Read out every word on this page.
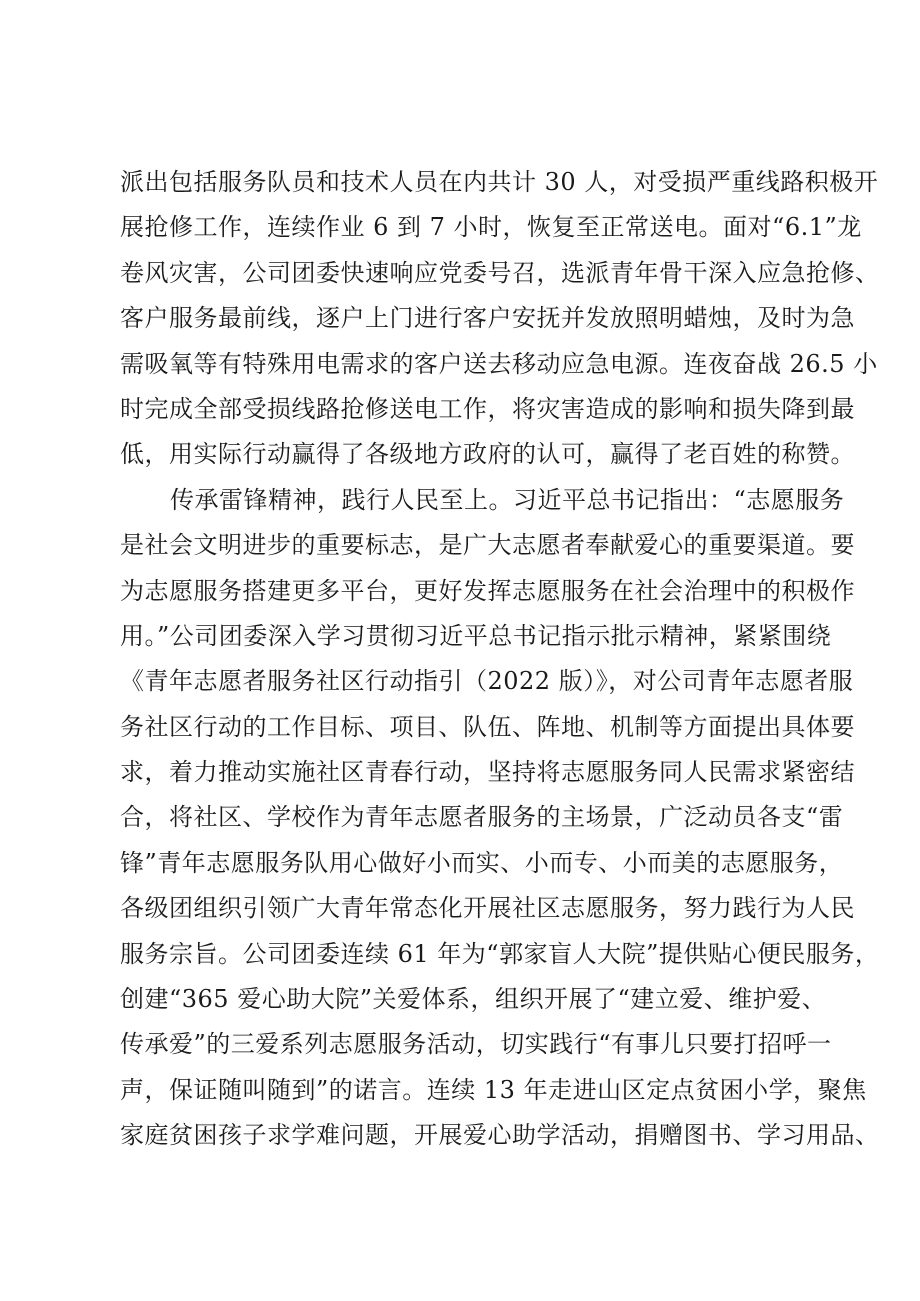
派出包括服务队员和技术人员在内共计 30 人，对受损严重线路积极开
展抢修工作，连续作业 6 到 7 小时，恢复至正常送电。面对“6.1”龙
卷风灾害，公司团委快速响应党委号召，选派青年骨干深入应急抢修、
客户服务最前线，逐户上门进行客户安抚并发放照明蜡烛，及时为急
需吸氧等有特殊用电需求的客户送去移动应急电源。连夜奋战 26.5 小
时完成全部受损线路抢修送电工作，将灾害造成的影响和损失降到最
低，用实际行动赢得了各级地方政府的认可，赢得了老百姓的称赞。
传承雷锋精神，践行人民至上。习近平总书记指出：“志愿服务
是社会文明进步的重要标志，是广大志愿者奉献爱心的重要渠道。要
为志愿服务搭建更多平台，更好发挥志愿服务在社会治理中的积极作
用。”公司团委深入学习贯彻习近平总书记指示批示精神，紧紧围绕
《青年志愿者服务社区行动指引（2022 版）》，对公司青年志愿者服
务社区行动的工作目标、项目、队伍、阵地、机制等方面提出具体要
求，着力推动实施社区青春行动，坚持将志愿服务同人民需求紧密结
合，将社区、学校作为青年志愿者服务的主场景，广泛动员各支“雷
锋”青年志愿服务队用心做好小而实、小而专、小而美的志愿服务，
各级团组织引领广大青年常态化开展社区志愿服务，努力践行为人民
服务宗旨。公司团委连续 61 年为“郭家盲人大院”提供贴心便民服务，
创建“365 爱心助大院”关爱体系，组织开展了“建立爱、维护爱、
传承爱”的三爱系列志愿服务活动，切实践行“有事儿只要打招呼一
声，保证随叫随到”的诺言。连续 13 年走进山区定点贫困小学，聚焦
家庭贫困孩子求学难问题，开展爱心助学活动，捐赠图书、学习用品、
